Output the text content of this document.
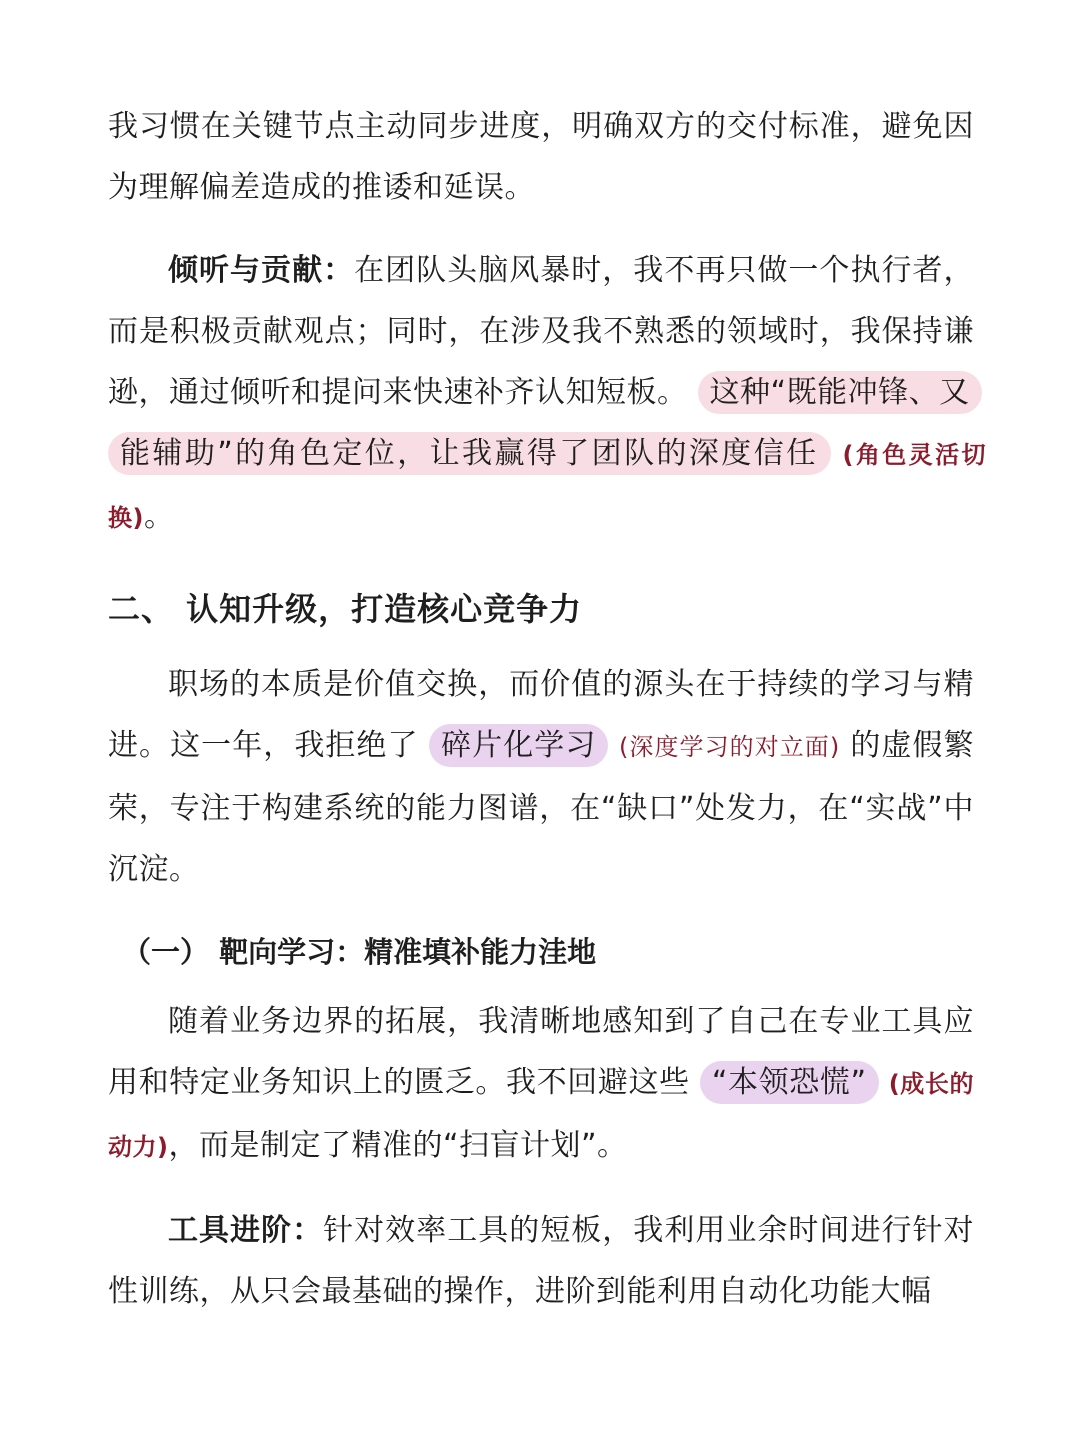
我习惯在关键节点主动同步进度，明确双方的交付标准，避免因为理解偏差造成的推诿和延误。

倾听与贡献：在团队头脑风暴时，我不再只做一个执行者，而是积极贡献观点；同时，在涉及我不熟悉的领域时，我保持谦逊，通过倾听和提问来快速补齐认知短板。 这种“既能冲锋、又能辅助”的角色定位，让我赢得了团队的深度信任 (角色灵活切换)。

二、 认知升级，打造核心竞争力

职场的本质是价值交换，而价值的源头在于持续的学习与精进。这一年，我拒绝了 碎片化学习 (深度学习的对立面) 的虚假繁荣，专注于构建系统的能力图谱，在“缺口”处发力，在“实战”中沉淀。

（一） 靶向学习：精准填补能力洼地

随着业务边界的拓展，我清晰地感知到了自己在专业工具应用和特定业务知识上的匮乏。我不回避这些 “本领恐慌” (成长的动力)，而是制定了精准的“扫盲计划”。

工具进阶：针对效率工具的短板，我利用业余时间进行针对性训练，从只会最基础的操作，进阶到能利用自动化功能大幅
